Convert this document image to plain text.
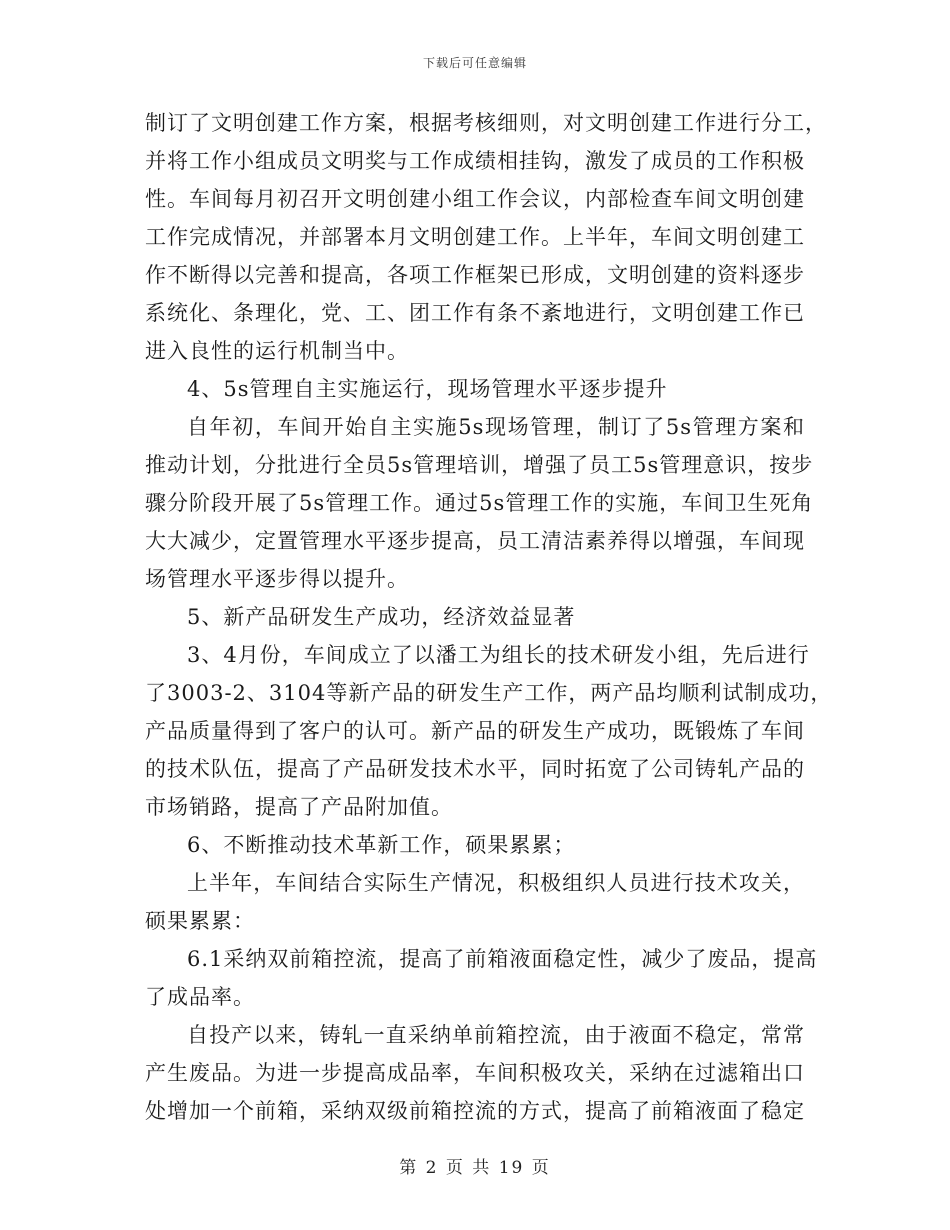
下载后可任意编辑
制订了文明创建工作方案，根据考核细则，对文明创建工作进行分工，
并将工作小组成员文明奖与工作成绩相挂钩，激发了成员的工作积极
性。车间每月初召开文明创建小组工作会议，内部检查车间文明创建
工作完成情况，并部署本月文明创建工作。上半年，车间文明创建工
作不断得以完善和提高，各项工作框架已形成，文明创建的资料逐步
系统化、条理化，党、工、团工作有条不紊地进行，文明创建工作已
进入良性的运行机制当中。
4、5s管理自主实施运行，现场管理水平逐步提升
自年初，车间开始自主实施5s现场管理，制订了5s管理方案和
推动计划，分批进行全员5s管理培训，增强了员工5s管理意识，按步
骤分阶段开展了5s管理工作。通过5s管理工作的实施，车间卫生死角
大大减少，定置管理水平逐步提高，员工清洁素养得以增强，车间现
场管理水平逐步得以提升。
5、新产品研发生产成功，经济效益显著
3、4月份，车间成立了以潘工为组长的技术研发小组，先后进行
了3003-2、3104等新产品的研发生产工作，两产品均顺利试制成功，
产品质量得到了客户的认可。新产品的研发生产成功，既锻炼了车间
的技术队伍，提高了产品研发技术水平，同时拓宽了公司铸轧产品的
市场销路，提高了产品附加值。
6、不断推动技术革新工作，硕果累累；
上半年，车间结合实际生产情况，积极组织人员进行技术攻关，
硕果累累：
6.1采纳双前箱控流，提高了前箱液面稳定性，减少了废品，提高
了成品率。
自投产以来，铸轧一直采纳单前箱控流，由于液面不稳定，常常
产生废品。为进一步提高成品率，车间积极攻关，采纳在过滤箱出口
处增加一个前箱，采纳双级前箱控流的方式，提高了前箱液面了稳定
第 2 页 共 19 页
